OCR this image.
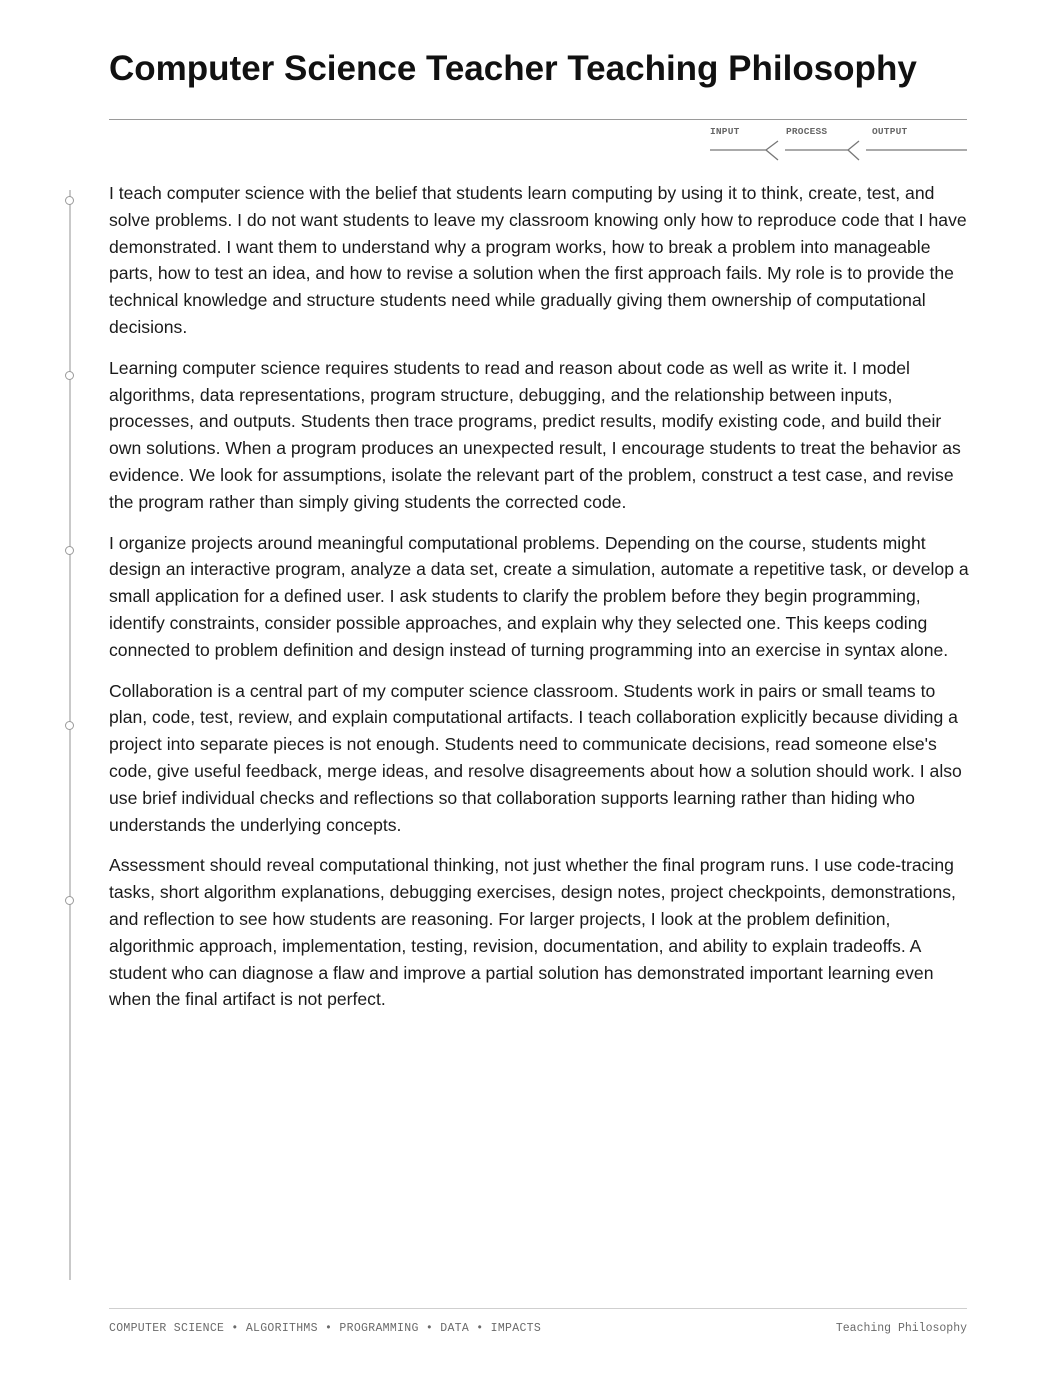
Computer Science Teacher Teaching Philosophy
INPUT	PROCESS	OUTPUT

I teach computer science with the belief that students learn computing by using it to think, create, test, and solve problems. I do not want students to leave my classroom knowing only how to reproduce code that I have demonstrated. I want them to understand why a program works, how to break a problem into manageable parts, how to test an idea, and how to revise a solution when the first approach fails. My role is to provide the technical knowledge and structure students need while gradually giving them ownership of computational decisions.

Learning computer science requires students to read and reason about code as well as write it. I model algorithms, data representations, program structure, debugging, and the relationship between inputs, processes, and outputs. Students then trace programs, predict results, modify existing code, and build their own solutions. When a program produces an unexpected result, I encourage students to treat the behavior as evidence. We look for assumptions, isolate the relevant part of the problem, construct a test case, and revise the program rather than simply giving students the corrected code.

I organize projects around meaningful computational problems. Depending on the course, students might design an interactive program, analyze a data set, create a simulation, automate a repetitive task, or develop a small application for a defined user. I ask students to clarify the problem before they begin programming, identify constraints, consider possible approaches, and explain why they selected one. This keeps coding connected to problem definition and design instead of turning programming into an exercise in syntax alone.

Collaboration is a central part of my computer science classroom. Students work in pairs or small teams to plan, code, test, review, and explain computational artifacts. I teach collaboration explicitly because dividing a project into separate pieces is not enough. Students need to communicate decisions, read someone else's code, give useful feedback, merge ideas, and resolve disagreements about how a solution should work. I also use brief individual checks and reflections so that collaboration supports learning rather than hiding who understands the underlying concepts.

Assessment should reveal computational thinking, not just whether the final program runs. I use code-tracing tasks, short algorithm explanations, debugging exercises, design notes, project checkpoints, demonstrations, and reflection to see how students are reasoning. For larger projects, I look at the problem definition, algorithmic approach, implementation, testing, revision, documentation, and ability to explain tradeoffs. A student who can diagnose a flaw and improve a partial solution has demonstrated important learning even when the final artifact is not perfect.

COMPUTER SCIENCE • ALGORITHMS • PROGRAMMING • DATA • IMPACTS	Teaching Philosophy
